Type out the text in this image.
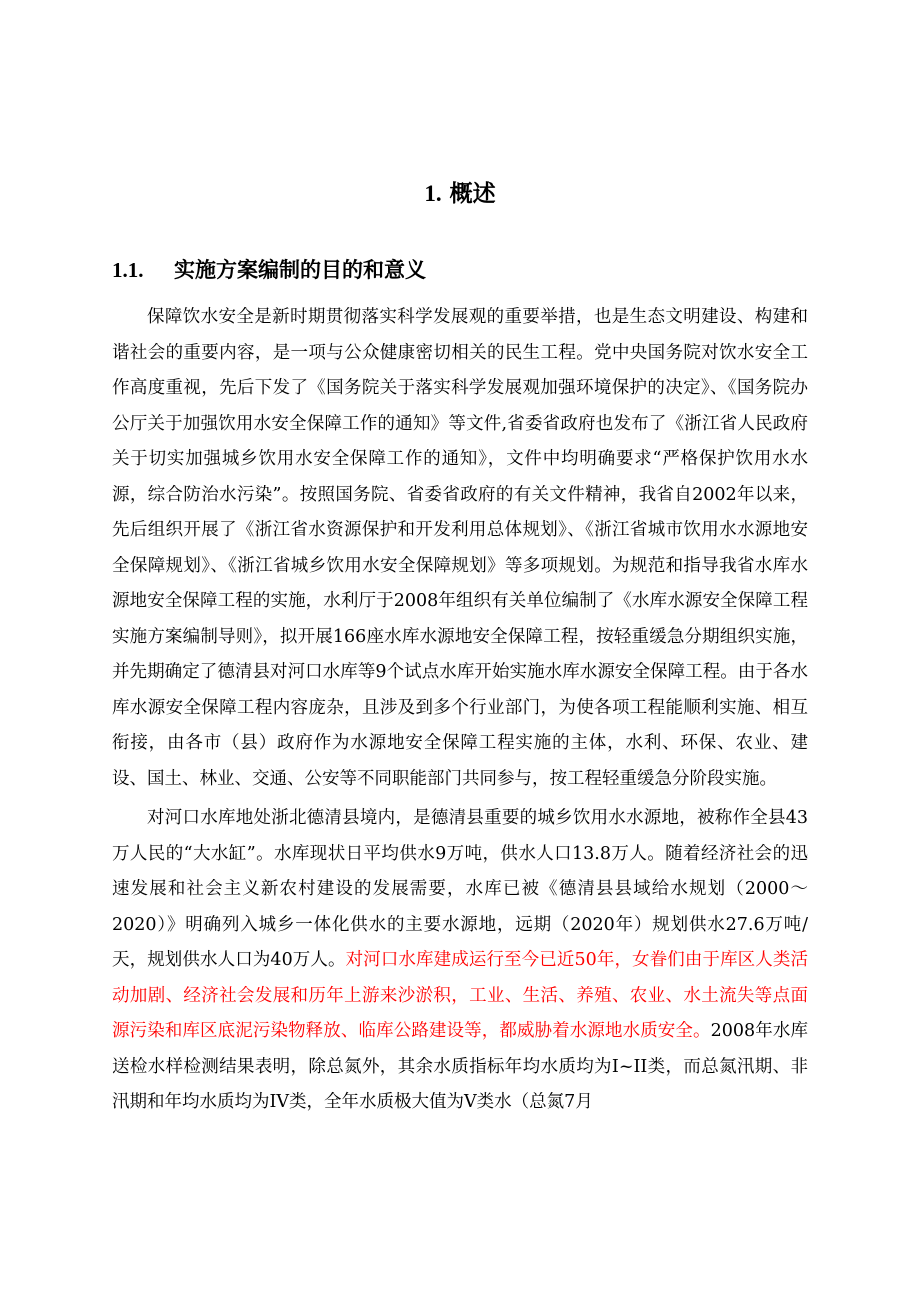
1. 概述
1.1. 实施方案编制的目的和意义

保障饮水安全是新时期贯彻落实科学发展观的重要举措，也是生态文明建设、构建和谐社会的重要内容，是一项与公众健康密切相关的民生工程。党中央国务院对饮水安全工作高度重视，先后下发了《国务院关于落实科学发展观加强环境保护的决定》、《国务院办公厅关于加强饮用水安全保障工作的通知》等文件,省委省政府也发布了《浙江省人民政府关于切实加强城乡饮用水安全保障工作的通知》，文件中均明确要求“严格保护饮用水水源，综合防治水污染”。按照国务院、省委省政府的有关文件精神，我省自2002年以来，先后组织开展了《浙江省水资源保护和开发利用总体规划》、《浙江省城市饮用水水源地安全保障规划》、《浙江省城乡饮用水安全保障规划》等多项规划。为规范和指导我省水库水源地安全保障工程的实施，水利厅于2008年组织有关单位编制了《水库水源安全保障工程实施方案编制导则》，拟开展166座水库水源地安全保障工程，按轻重缓急分期组织实施，并先期确定了德清县对河口水库等9个试点水库开始实施水库水源安全保障工程。由于各水库水源安全保障工程内容庞杂，且涉及到多个行业部门，为使各项工程能顺利实施、相互衔接，由各市（县）政府作为水源地安全保障工程实施的主体，水利、环保、农业、建设、国土、林业、交通、公安等不同职能部门共同参与，按工程轻重缓急分阶段实施。

对河口水库地处浙北德清县境内，是德清县重要的城乡饮用水水源地，被称作全县43万人民的“大水缸”。水库现状日平均供水9万吨，供水人口13.8万人。随着经济社会的迅速发展和社会主义新农村建设的发展需要，水库已被《德清县县域给水规划（2000～2020）》明确列入城乡一体化供水的主要水源地，远期（2020年）规划供水27.6万吨/天，规划供水人口为40万人。对河口水库建成运行至今已近50年，女眷们由于库区人类活动加剧、经济社会发展和历年上游来沙淤积，工业、生活、养殖、农业、水土流失等点面源污染和库区底泥污染物释放、临库公路建设等，都威胁着水源地水质安全。2008年水库送检水样检测结果表明，除总氮外，其余水质指标年均水质均为I~II类，而总氮汛期、非汛期和年均水质均为IV类，全年水质极大值为V类水（总氮7月
